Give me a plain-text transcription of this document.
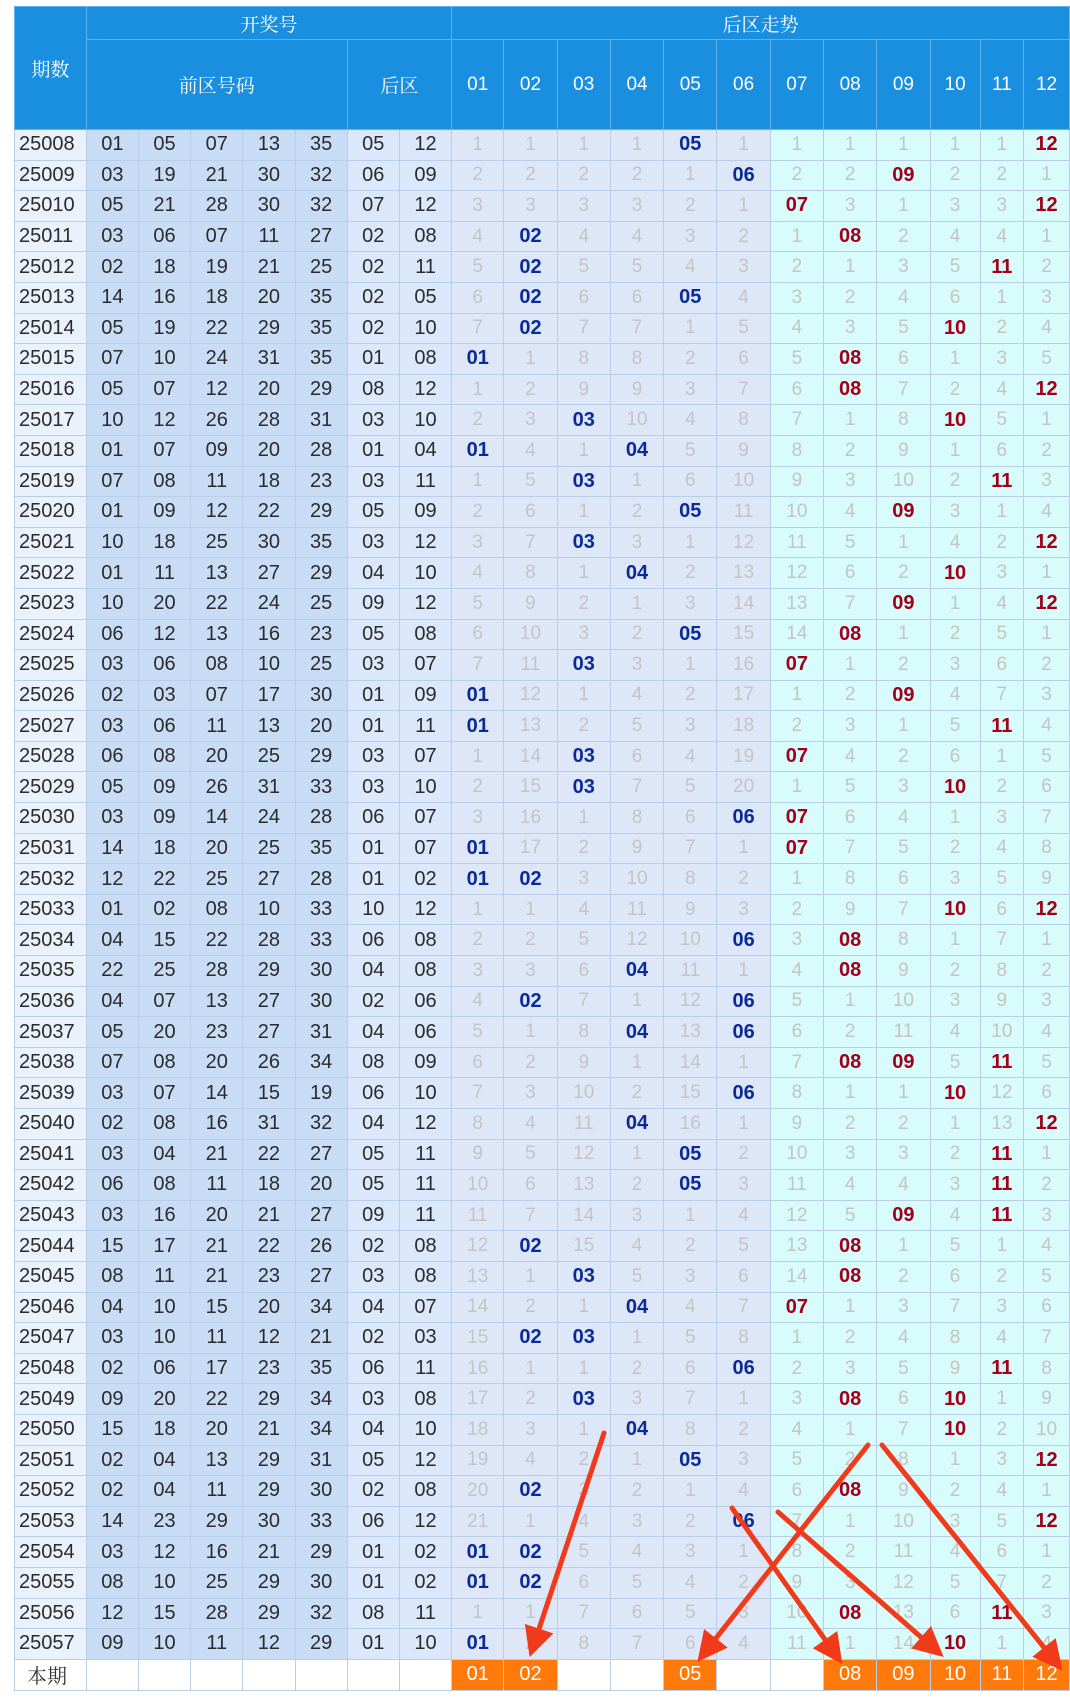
期数	开奖号							后区走势											
	前区号码					后区		01	02	03	04	05	06	07	08	09	10	11	12
25008	01	05	07	13	35	05	12	1	1	1	1	05	1	1	1	1	1	1	12
25009	03	19	21	30	32	06	09	2	2	2	2	1	06	2	2	09	2	2	1
25010	05	21	28	30	32	07	12	3	3	3	3	2	1	07	3	1	3	3	12
25011	03	06	07	11	27	02	08	4	02	4	4	3	2	1	08	2	4	4	1
25012	02	18	19	21	25	02	11	5	02	5	5	4	3	2	1	3	5	11	2
25013	14	16	18	20	35	02	05	6	02	6	6	05	4	3	2	4	6	1	3
25014	05	19	22	29	35	02	10	7	02	7	7	1	5	4	3	5	10	2	4
25015	07	10	24	31	35	01	08	01	1	8	8	2	6	5	08	6	1	3	5
25016	05	07	12	20	29	08	12	1	2	9	9	3	7	6	08	7	2	4	12
25017	10	12	26	28	31	03	10	2	3	03	10	4	8	7	1	8	10	5	1
25018	01	07	09	20	28	01	04	01	4	1	04	5	9	8	2	9	1	6	2
25019	07	08	11	18	23	03	11	1	5	03	1	6	10	9	3	10	2	11	3
25020	01	09	12	22	29	05	09	2	6	1	2	05	11	10	4	09	3	1	4
25021	10	18	25	30	35	03	12	3	7	03	3	1	12	11	5	1	4	2	12
25022	01	11	13	27	29	04	10	4	8	1	04	2	13	12	6	2	10	3	1
25023	10	20	22	24	25	09	12	5	9	2	1	3	14	13	7	09	1	4	12
25024	06	12	13	16	23	05	08	6	10	3	2	05	15	14	08	1	2	5	1
25025	03	06	08	10	25	03	07	7	11	03	3	1	16	07	1	2	3	6	2
25026	02	03	07	17	30	01	09	01	12	1	4	2	17	1	2	09	4	7	3
25027	03	06	11	13	20	01	11	01	13	2	5	3	18	2	3	1	5	11	4
25028	06	08	20	25	29	03	07	1	14	03	6	4	19	07	4	2	6	1	5
25029	05	09	26	31	33	03	10	2	15	03	7	5	20	1	5	3	10	2	6
25030	03	09	14	24	28	06	07	3	16	1	8	6	06	07	6	4	1	3	7
25031	14	18	20	25	35	01	07	01	17	2	9	7	1	07	7	5	2	4	8
25032	12	22	25	27	28	01	02	01	02	3	10	8	2	1	8	6	3	5	9
25033	01	02	08	10	33	10	12	1	1	4	11	9	3	2	9	7	10	6	12
25034	04	15	22	28	33	06	08	2	2	5	12	10	06	3	08	8	1	7	1
25035	22	25	28	29	30	04	08	3	3	6	04	11	1	4	08	9	2	8	2
25036	04	07	13	27	30	02	06	4	02	7	1	12	06	5	1	10	3	9	3
25037	05	20	23	27	31	04	06	5	1	8	04	13	06	6	2	11	4	10	4
25038	07	08	20	26	34	08	09	6	2	9	1	14	1	7	08	09	5	11	5
25039	03	07	14	15	19	06	10	7	3	10	2	15	06	8	1	1	10	12	6
25040	02	08	16	31	32	04	12	8	4	11	04	16	1	9	2	2	1	13	12
25041	03	04	21	22	27	05	11	9	5	12	1	05	2	10	3	3	2	11	1
25042	06	08	11	18	20	05	11	10	6	13	2	05	3	11	4	4	3	11	2
25043	03	16	20	21	27	09	11	11	7	14	3	1	4	12	5	09	4	11	3
25044	15	17	21	22	26	02	08	12	02	15	4	2	5	13	08	1	5	1	4
25045	08	11	21	23	27	03	08	13	1	03	5	3	6	14	08	2	6	2	5
25046	04	10	15	20	34	04	07	14	2	1	04	4	7	07	1	3	7	3	6
25047	03	10	11	12	21	02	03	15	02	03	1	5	8	1	2	4	8	4	7
25048	02	06	17	23	35	06	11	16	1	1	2	6	06	2	3	5	9	11	8
25049	09	20	22	29	34	03	08	17	2	03	3	7	1	3	08	6	10	1	9
25050	15	18	20	21	34	04	10	18	3	1	04	8	2	4	1	7	10	2	10
25051	02	04	13	29	31	05	12	19	4	2	1	05	3	5	2	8	1	3	12
25052	02	04	11	29	30	02	08	20	02	3	2	1	4	6	08	9	2	4	1
25053	14	23	29	30	33	06	12	21	1	4	3	2	06	7	1	10	3	5	12
25054	03	12	16	21	29	01	02	01	02	5	4	3	1	8	2	11	4	6	1
25055	08	10	25	29	30	01	02	01	02	6	5	4	2	9	3	12	5	7	2
25056	12	15	28	29	32	08	11	1	1	7	6	5	3	10	08	13	6	11	3
25057	09	10	11	12	29	01	10	01	2	8	7	6	4	11	1	14	10	1	4
本期								01	02			05			08	09	10	11	12
